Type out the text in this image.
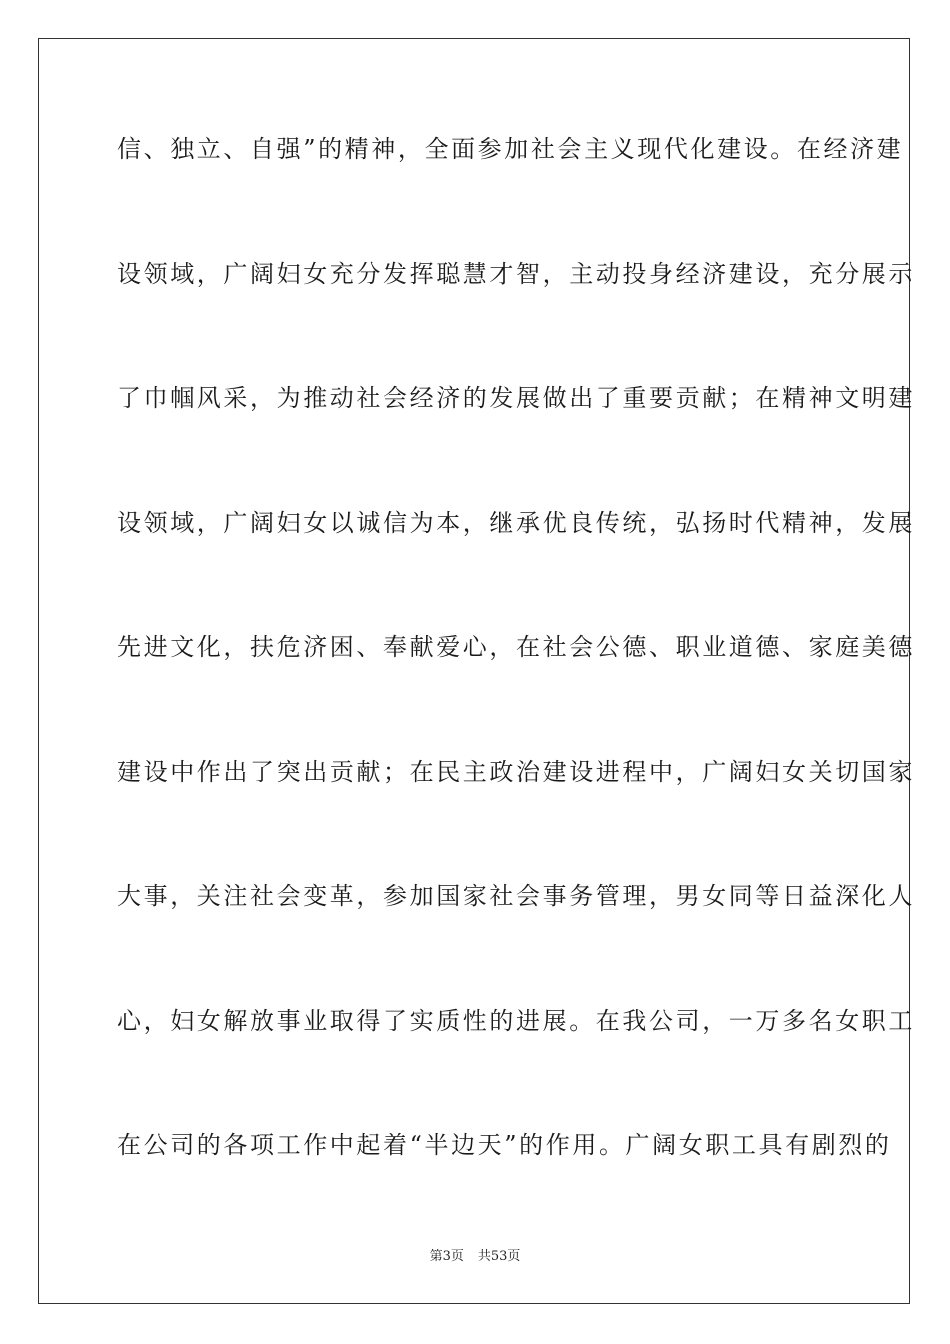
信、独立、自强”的精神，全面参加社会主义现代化建设。在经济建
设领域，广阔妇女充分发挥聪慧才智，主动投身经济建设，充分展示
了巾帼风采，为推动社会经济的发展做出了重要贡献；在精神文明建
设领域，广阔妇女以诚信为本，继承优良传统，弘扬时代精神，发展
先进文化，扶危济困、奉献爱心，在社会公德、职业道德、家庭美德
建设中作出了突出贡献；在民主政治建设进程中，广阔妇女关切国家
大事，关注社会变革，参加国家社会事务管理，男女同等日益深化人
心，妇女解放事业取得了实质性的进展。在我公司，一万多名女职工
在公司的各项工作中起着“半边天”的作用。广阔女职工具有剧烈的
第3页 共53页
